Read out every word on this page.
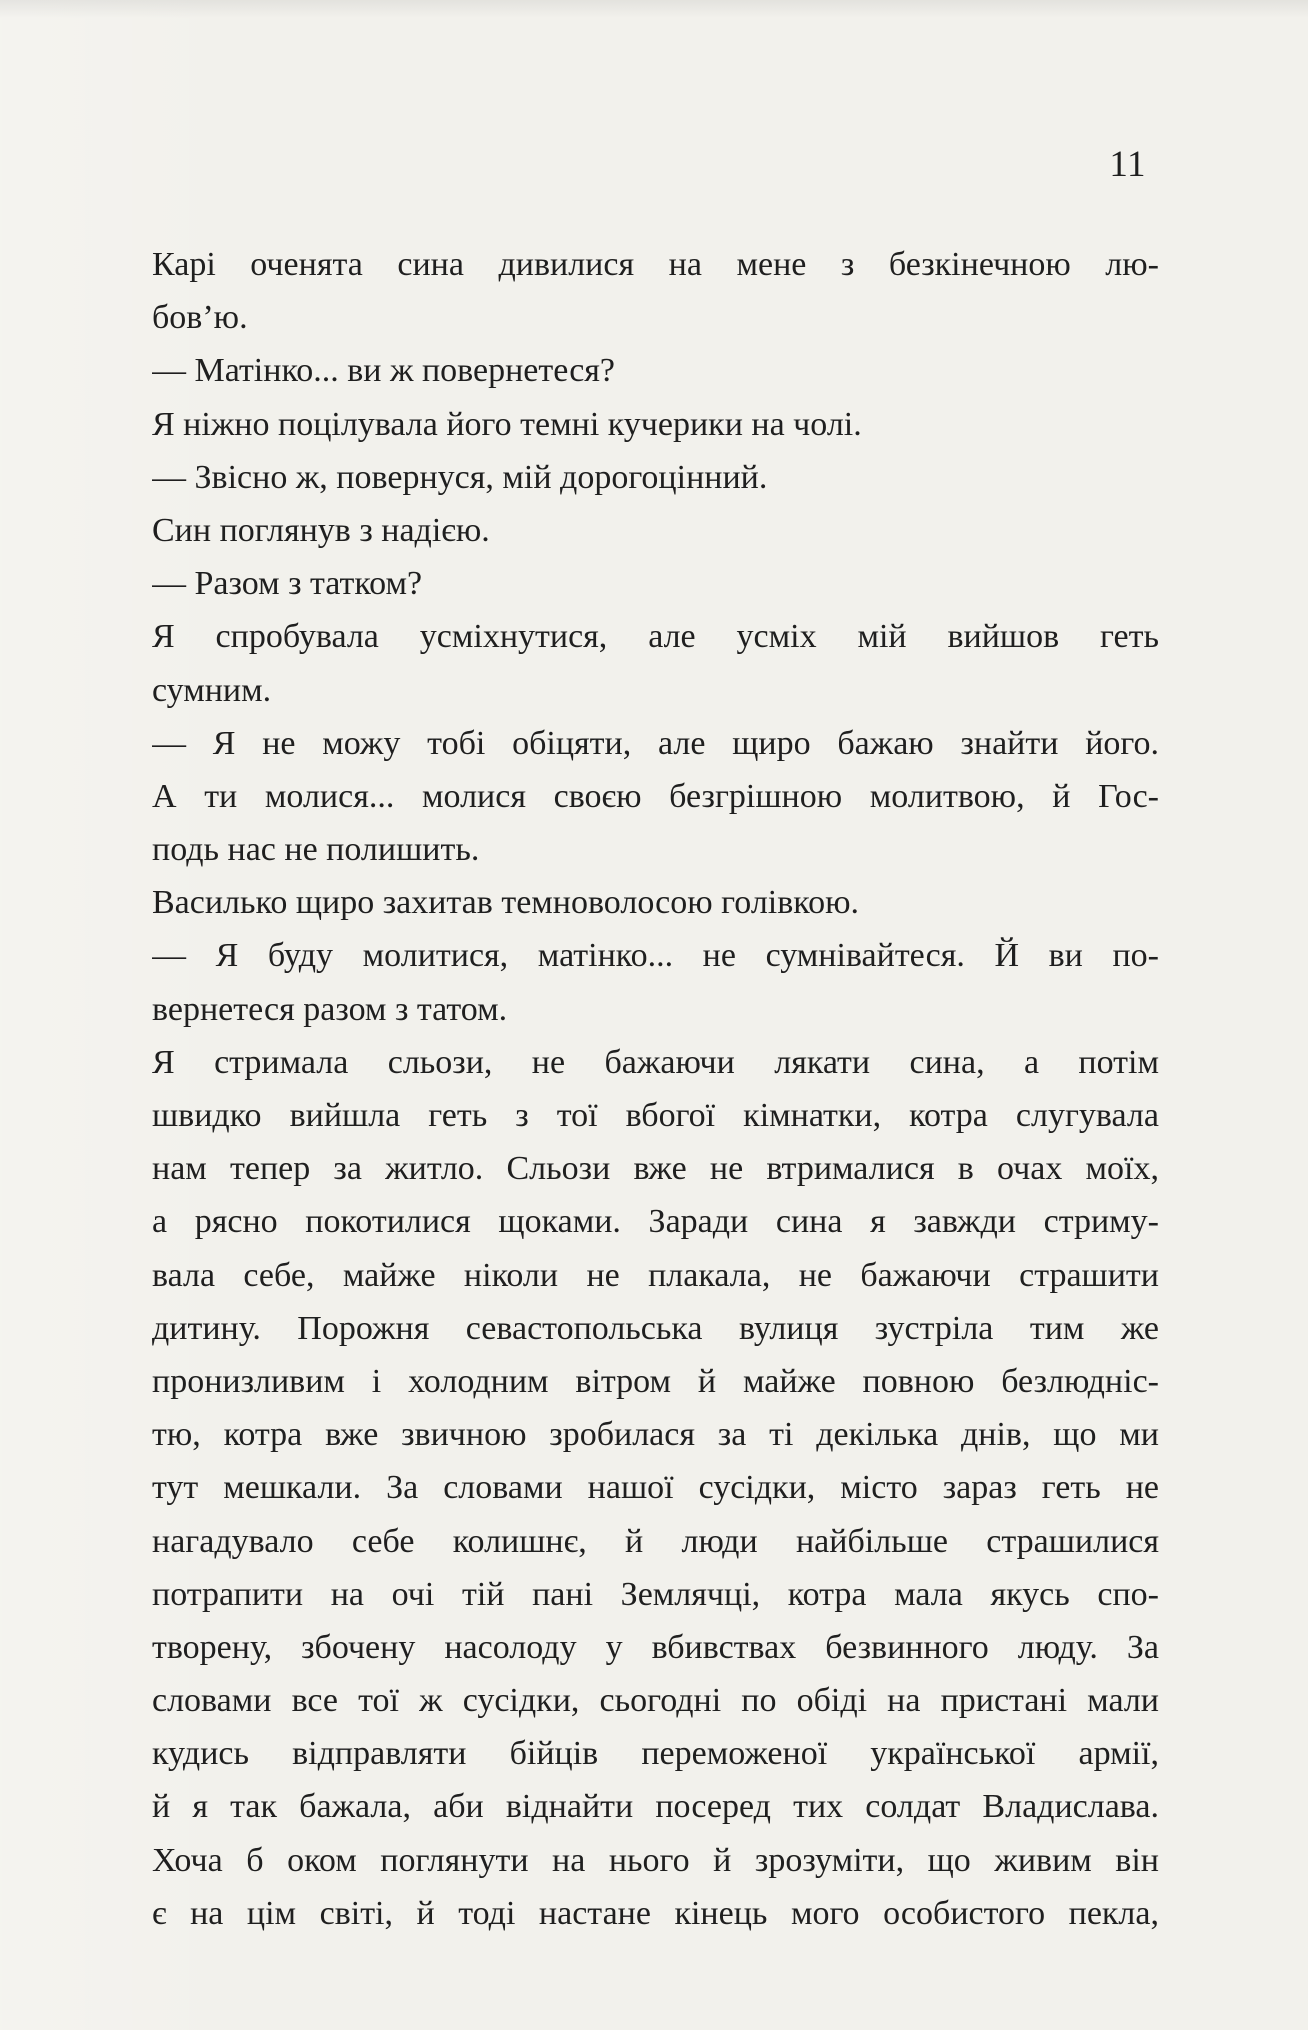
11
Карі оченята сина дивилися на мене з безкінечною лю-
бов’ю.
— Матінко... ви ж повернетеся?
Я ніжно поцілувала його темні кучерики на чолі.
— Звісно ж, повернуся, мій дорогоцінний.
Син поглянув з надією.
— Разом з татком?
Я спробувала усміхнутися, але усміх мій вийшов геть
сумним.
— Я не можу тобі обіцяти, але щиро бажаю знайти його.
А ти молися... молися своєю безгрішною молитвою, й Гос-
подь нас не полишить.
Василько щиро захитав темноволосою голівкою.
— Я буду молитися, матінко... не сумнівайтеся. Й ви по-
вернетеся разом з татом.
Я стримала сльози, не бажаючи лякати сина, а потім
швидко вийшла геть з тої вбогої кімнатки, котра слугувала
нам тепер за житло. Сльози вже не втрималися в очах моїх,
а рясно покотилися щоками. Заради сина я завжди стриму-
вала себе, майже ніколи не плакала, не бажаючи страшити
дитину. Порожня севастопольська вулиця зустріла тим же
пронизливим і холодним вітром й майже повною безлюдніс-
тю, котра вже звичною зробилася за ті декілька днів, що ми
тут мешкали. За словами нашої сусідки, місто зараз геть не
нагадувало себе колишнє, й люди найбільше страшилися
потрапити на очі тій пані Землячці, котра мала якусь спо-
творену, збочену насолоду у вбивствах безвинного люду. За
словами все тої ж сусідки, сьогодні по обіді на пристані мали
кудись відправляти бійців переможеної української армії,
й я так бажала, аби віднайти посеред тих солдат Владислава.
Хоча б оком поглянути на нього й зрозуміти, що живим він
є на цім світі, й тоді настане кінець мого особистого пекла,
